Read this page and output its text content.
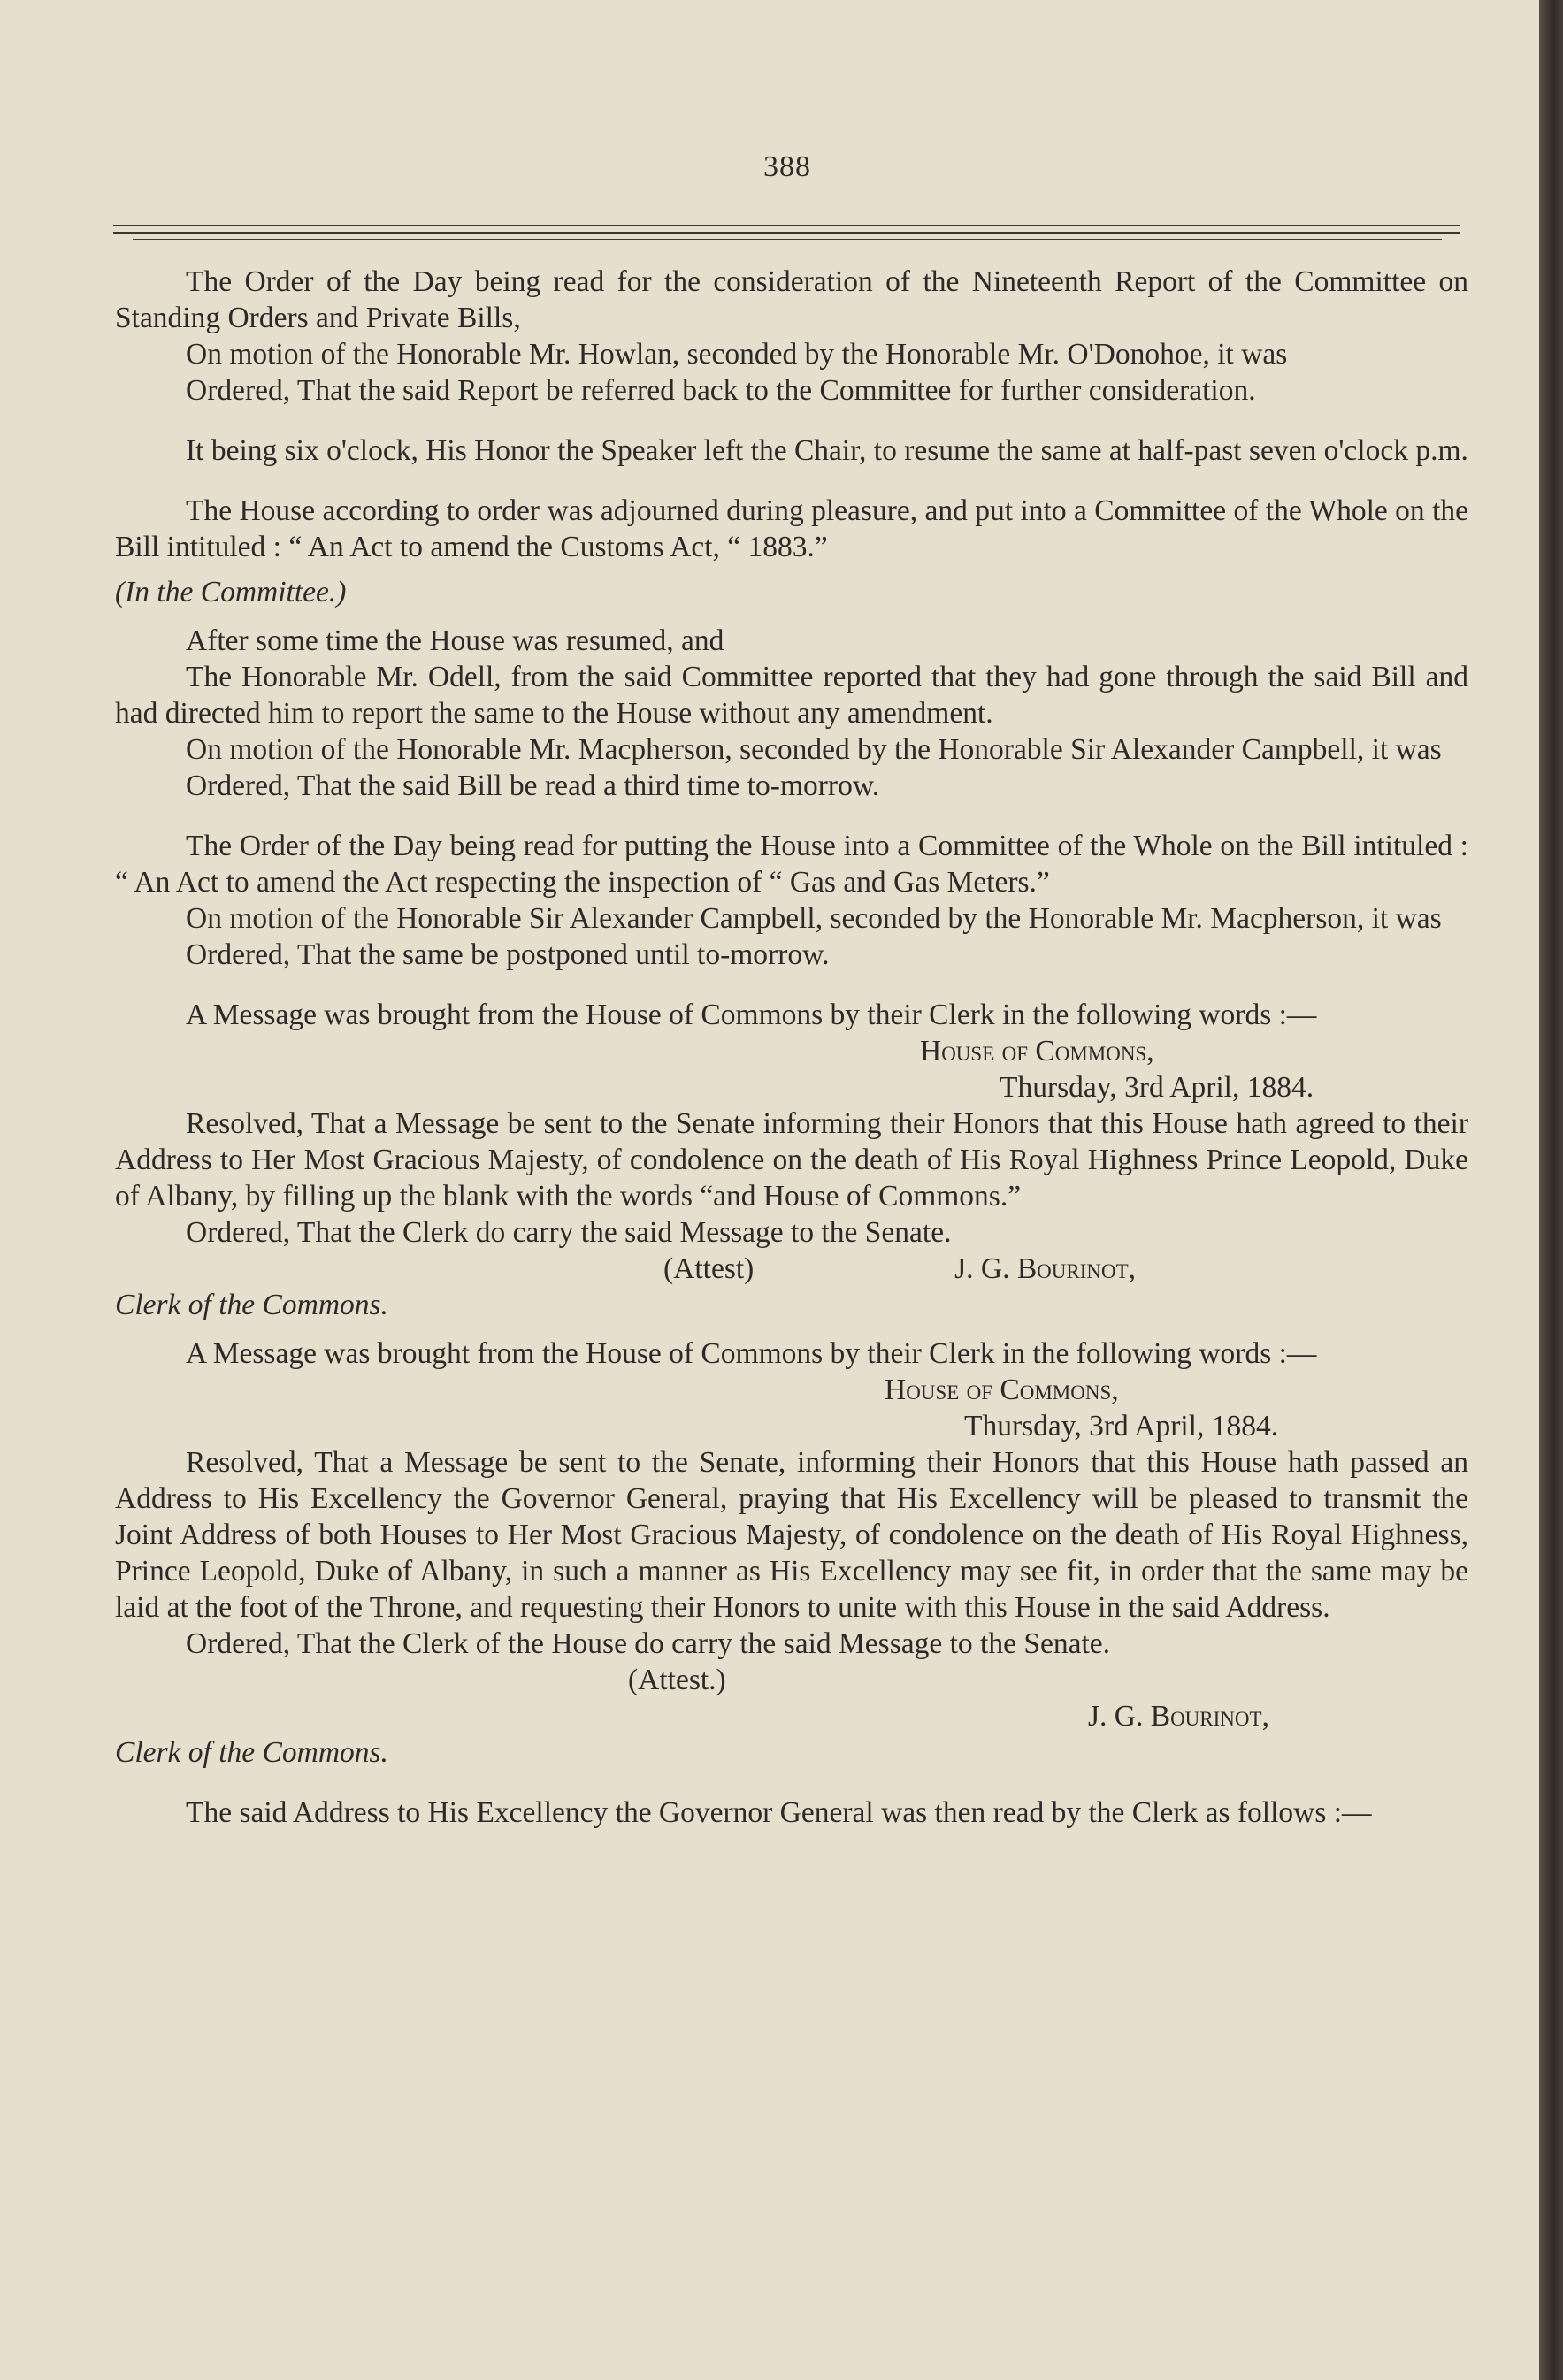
388

The Order of the Day being read for the consideration of the Nineteenth Report of the Committee on Standing Orders and Private Bills,

On motion of the Honorable Mr. Howlan, seconded by the Honorable Mr. O'Donohoe, it was

Ordered, That the said Report be referred back to the Committee for further consideration.

It being six o'clock, His Honor the Speaker left the Chair, to resume the same at half-past seven o'clock p.m.

The House according to order was adjourned during pleasure, and put into a Committee of the Whole on the Bill intituled : “ An Act to amend the Customs Act, “ 1883.”

(In the Committee.)

After some time the House was resumed, and

The Honorable Mr. Odell, from the said Committee reported that they had gone through the said Bill and had directed him to report the same to the House without any amendment.

On motion of the Honorable Mr. Macpherson, seconded by the Honorable Sir Alexander Campbell, it was

Ordered, That the said Bill be read a third time to-morrow.

The Order of the Day being read for putting the House into a Committee of the Whole on the Bill intituled : “ An Act to amend the Act respecting the inspection of “ Gas and Gas Meters.”

On motion of the Honorable Sir Alexander Campbell, seconded by the Honorable Mr. Macpherson, it was

Ordered, That the same be postponed until to-morrow.

A Message was brought from the House of Commons by their Clerk in the following words :—

House of Commons,

Thursday, 3rd April, 1884.

Resolved, That a Message be sent to the Senate informing their Honors that this House hath agreed to their Address to Her Most Gracious Majesty, of condolence on the death of His Royal Highness Prince Leopold, Duke of Albany, by filling up the blank with the words “and House of Commons.”

Ordered, That the Clerk do carry the said Message to the Senate.

(Attest)	J. G. Bourinot,

Clerk of the Commons.

A Message was brought from the House of Commons by their Clerk in the following words :—

House of Commons,

Thursday, 3rd April, 1884.

Resolved, That a Message be sent to the Senate, informing their Honors that this House hath passed an Address to His Excellency the Governor General, praying that His Excellency will be pleased to transmit the Joint Address of both Houses to Her Most Gracious Majesty, of condolence on the death of His Royal Highness, Prince Leopold, Duke of Albany, in such a manner as His Excellency may see fit, in order that the same may be laid at the foot of the Throne, and requesting their Honors to unite with this House in the said Address.

Ordered, That the Clerk of the House do carry the said Message to the Senate.

(Attest.)

J. G. Bourinot,

Clerk of the Commons.

The said Address to His Excellency the Governor General was then read by the Clerk as follows :—
